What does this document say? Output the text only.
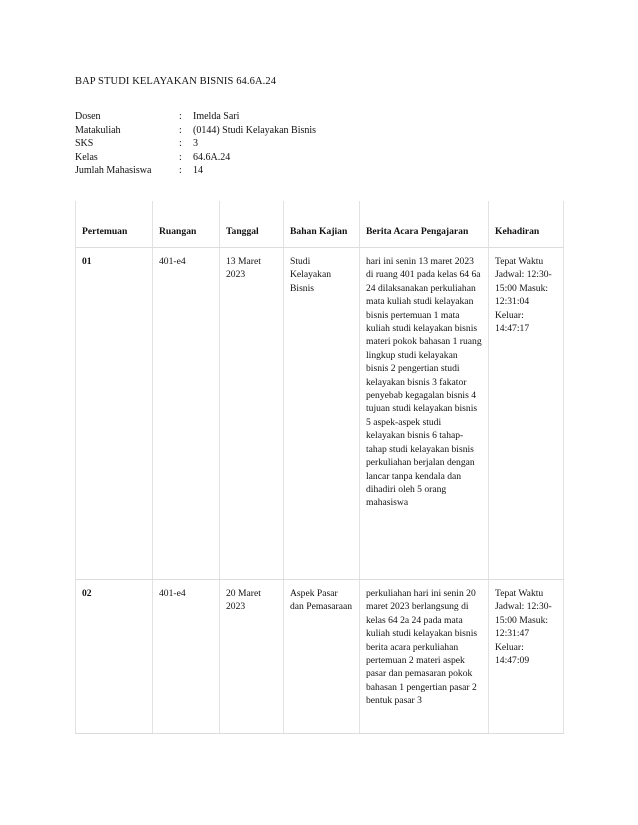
BAP STUDI KELAYAKAN BISNIS 64.6A.24
Dosen	:	Imelda Sari
Matakuliah	:	(0144) Studi Kelayakan Bisnis
SKS	:	3
Kelas	:	64.6A.24
Jumlah Mahasiswa	:	14
Pertemuan	Ruangan	Tanggal	Bahan Kajian	Berita Acara Pengajaran	Kehadiran
01	401-e4	13 Maret 2023	Studi Kelayakan Bisnis	hari ini senin 13 maret 2023 di ruang 401 pada kelas 64 6a 24 dilaksanakan perkuliahan mata kuliah studi kelayakan bisnis pertemuan 1 mata kuliah studi kelayakan bisnis materi pokok bahasan 1 ruang lingkup studi kelayakan bisnis 2 pengertian studi kelayakan bisnis 3 fakator penyebab kegagalan bisnis 4 tujuan studi kelayakan bisnis 5 aspek-aspek studi kelayakan bisnis 6 tahap-tahap studi kelayakan bisnis perkuliahan berjalan dengan lancar tanpa kendala dan dihadiri oleh 5 orang mahasiswa	Tepat Waktu Jadwal: 12:30-15:00 Masuk: 12:31:04 Keluar: 14:47:17
02	401-e4	20 Maret 2023	Aspek Pasar dan Pemasaraan	perkuliahan hari ini senin 20 maret 2023 berlangsung di kelas 64 2a 24 pada mata kuliah studi kelayakan bisnis berita acara perkuliahan pertemuan 2 materi aspek pasar dan pemasaran pokok bahasan 1 pengertian pasar 2 bentuk pasar 3	Tepat Waktu Jadwal: 12:30-15:00 Masuk: 12:31:47 Keluar: 14:47:09
